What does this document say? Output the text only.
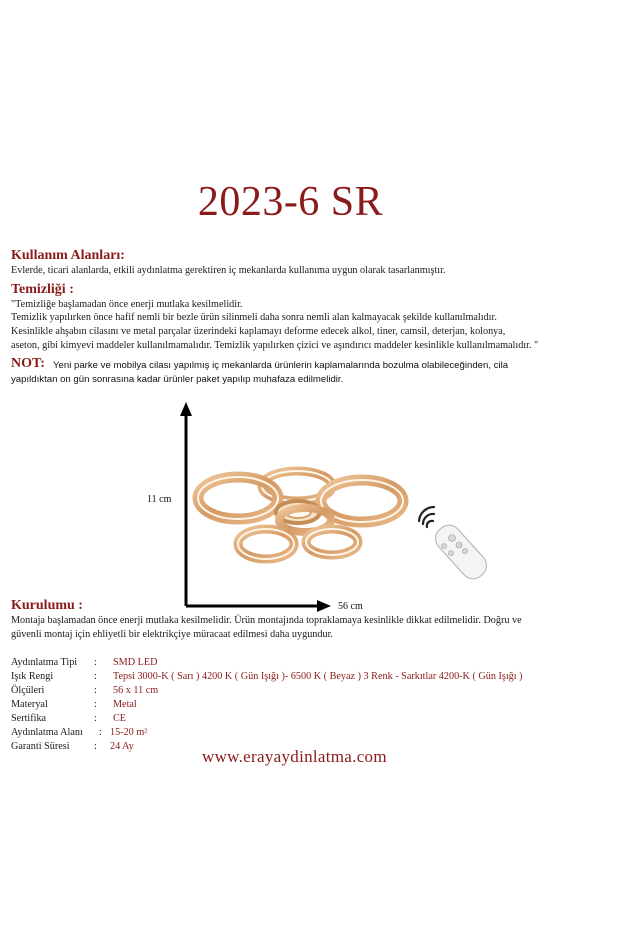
2023-6 SR
Kullanım Alanları:
Evlerde, ticari alanlarda, etkili aydınlatma gerektiren iç mekanlarda kullanıma uygun olarak tasarlanmıştır.
Temizliği :
"Temizliğe başlamadan önce enerji mutlaka kesilmelidir.
Temizlik yapılırken önce hafif nemli bir bezle ürün silinmeli daha sonra nemli alan kalmayacak şekilde kullanılmalıdır.
Kesinlikle ahşabın cilasını ve metal parçalar üzerindeki kaplamayı deforme edecek alkol, tiner, camsil, deterjan, kolonya,
aseton, gibi kimyevi maddeler kullanılmamalıdır. Temizlik yapılırken çizici ve aşındırıcı maddeler kesinlikle kullanılmamalıdır. "
NOT: Yeni parke ve mobilya cilası yapılmış iç mekanlarda ürünlerin kaplamalarında bozulma olabileceğinden, cila
yapıldıktan on gün sonrasına kadar ürünler paket yapılıp muhafaza edilmelidir.
11 cm
56 cm
Kurulumu :
Montaja başlamadan önce enerji mutlaka kesilmelidir. Ürün montajında topraklamaya kesinlikle dikkat edilmelidir. Doğru ve
güvenli montaj için ehliyetli bir elektrikçiye müracaat edilmesi daha uygundur.
Aydınlatma Tipi : SMD LED
Işık Rengi	: Tepsi 3000-K ( Sarı ) 4200 K ( Gün Işığı )- 6500 K ( Beyaz ) 3 Renk - Sarkıtlar 4200-K ( Gün Işığı )
Ölçüleri	: 56 x 11 cm
Materyal	: Metal
Sertifika	: CE
Aydınlatma Alanı : 15-20 m²
Garanti Süresi : 24 Ay
www.erayaydinlatma.com
